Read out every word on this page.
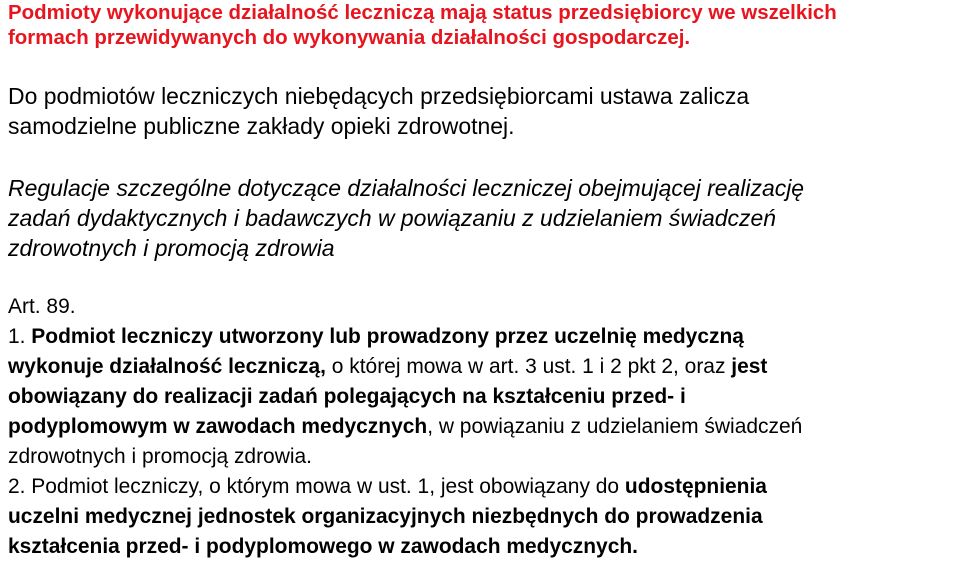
Podmioty wykonujące działalność leczniczą mają status przedsiębiorcy we wszelkich
formach przewidywanych do wykonywania działalności gospodarczej.
Do podmiotów leczniczych niebędących przedsiębiorcami ustawa zalicza
samodzielne publiczne zakłady opieki zdrowotnej.
Regulacje szczególne dotyczące działalności leczniczej obejmującej realizację
zadań dydaktycznych i badawczych w powiązaniu z udzielaniem świadczeń
zdrowotnych i promocją zdrowia
Art. 89.
1. Podmiot leczniczy utworzony lub prowadzony przez uczelnię medyczną
wykonuje działalność leczniczą, o której mowa w art. 3 ust. 1 i 2 pkt 2, oraz jest
obowiązany do realizacji zadań polegających na kształceniu przed- i
podyplomowym w zawodach medycznych, w powiązaniu z udzielaniem świadczeń
zdrowotnych i promocją zdrowia.
2. Podmiot leczniczy, o którym mowa w ust. 1, jest obowiązany do udostępnienia
uczelni medycznej jednostek organizacyjnych niezbędnych do prowadzenia
kształcenia przed- i podyplomowego w zawodach medycznych.
